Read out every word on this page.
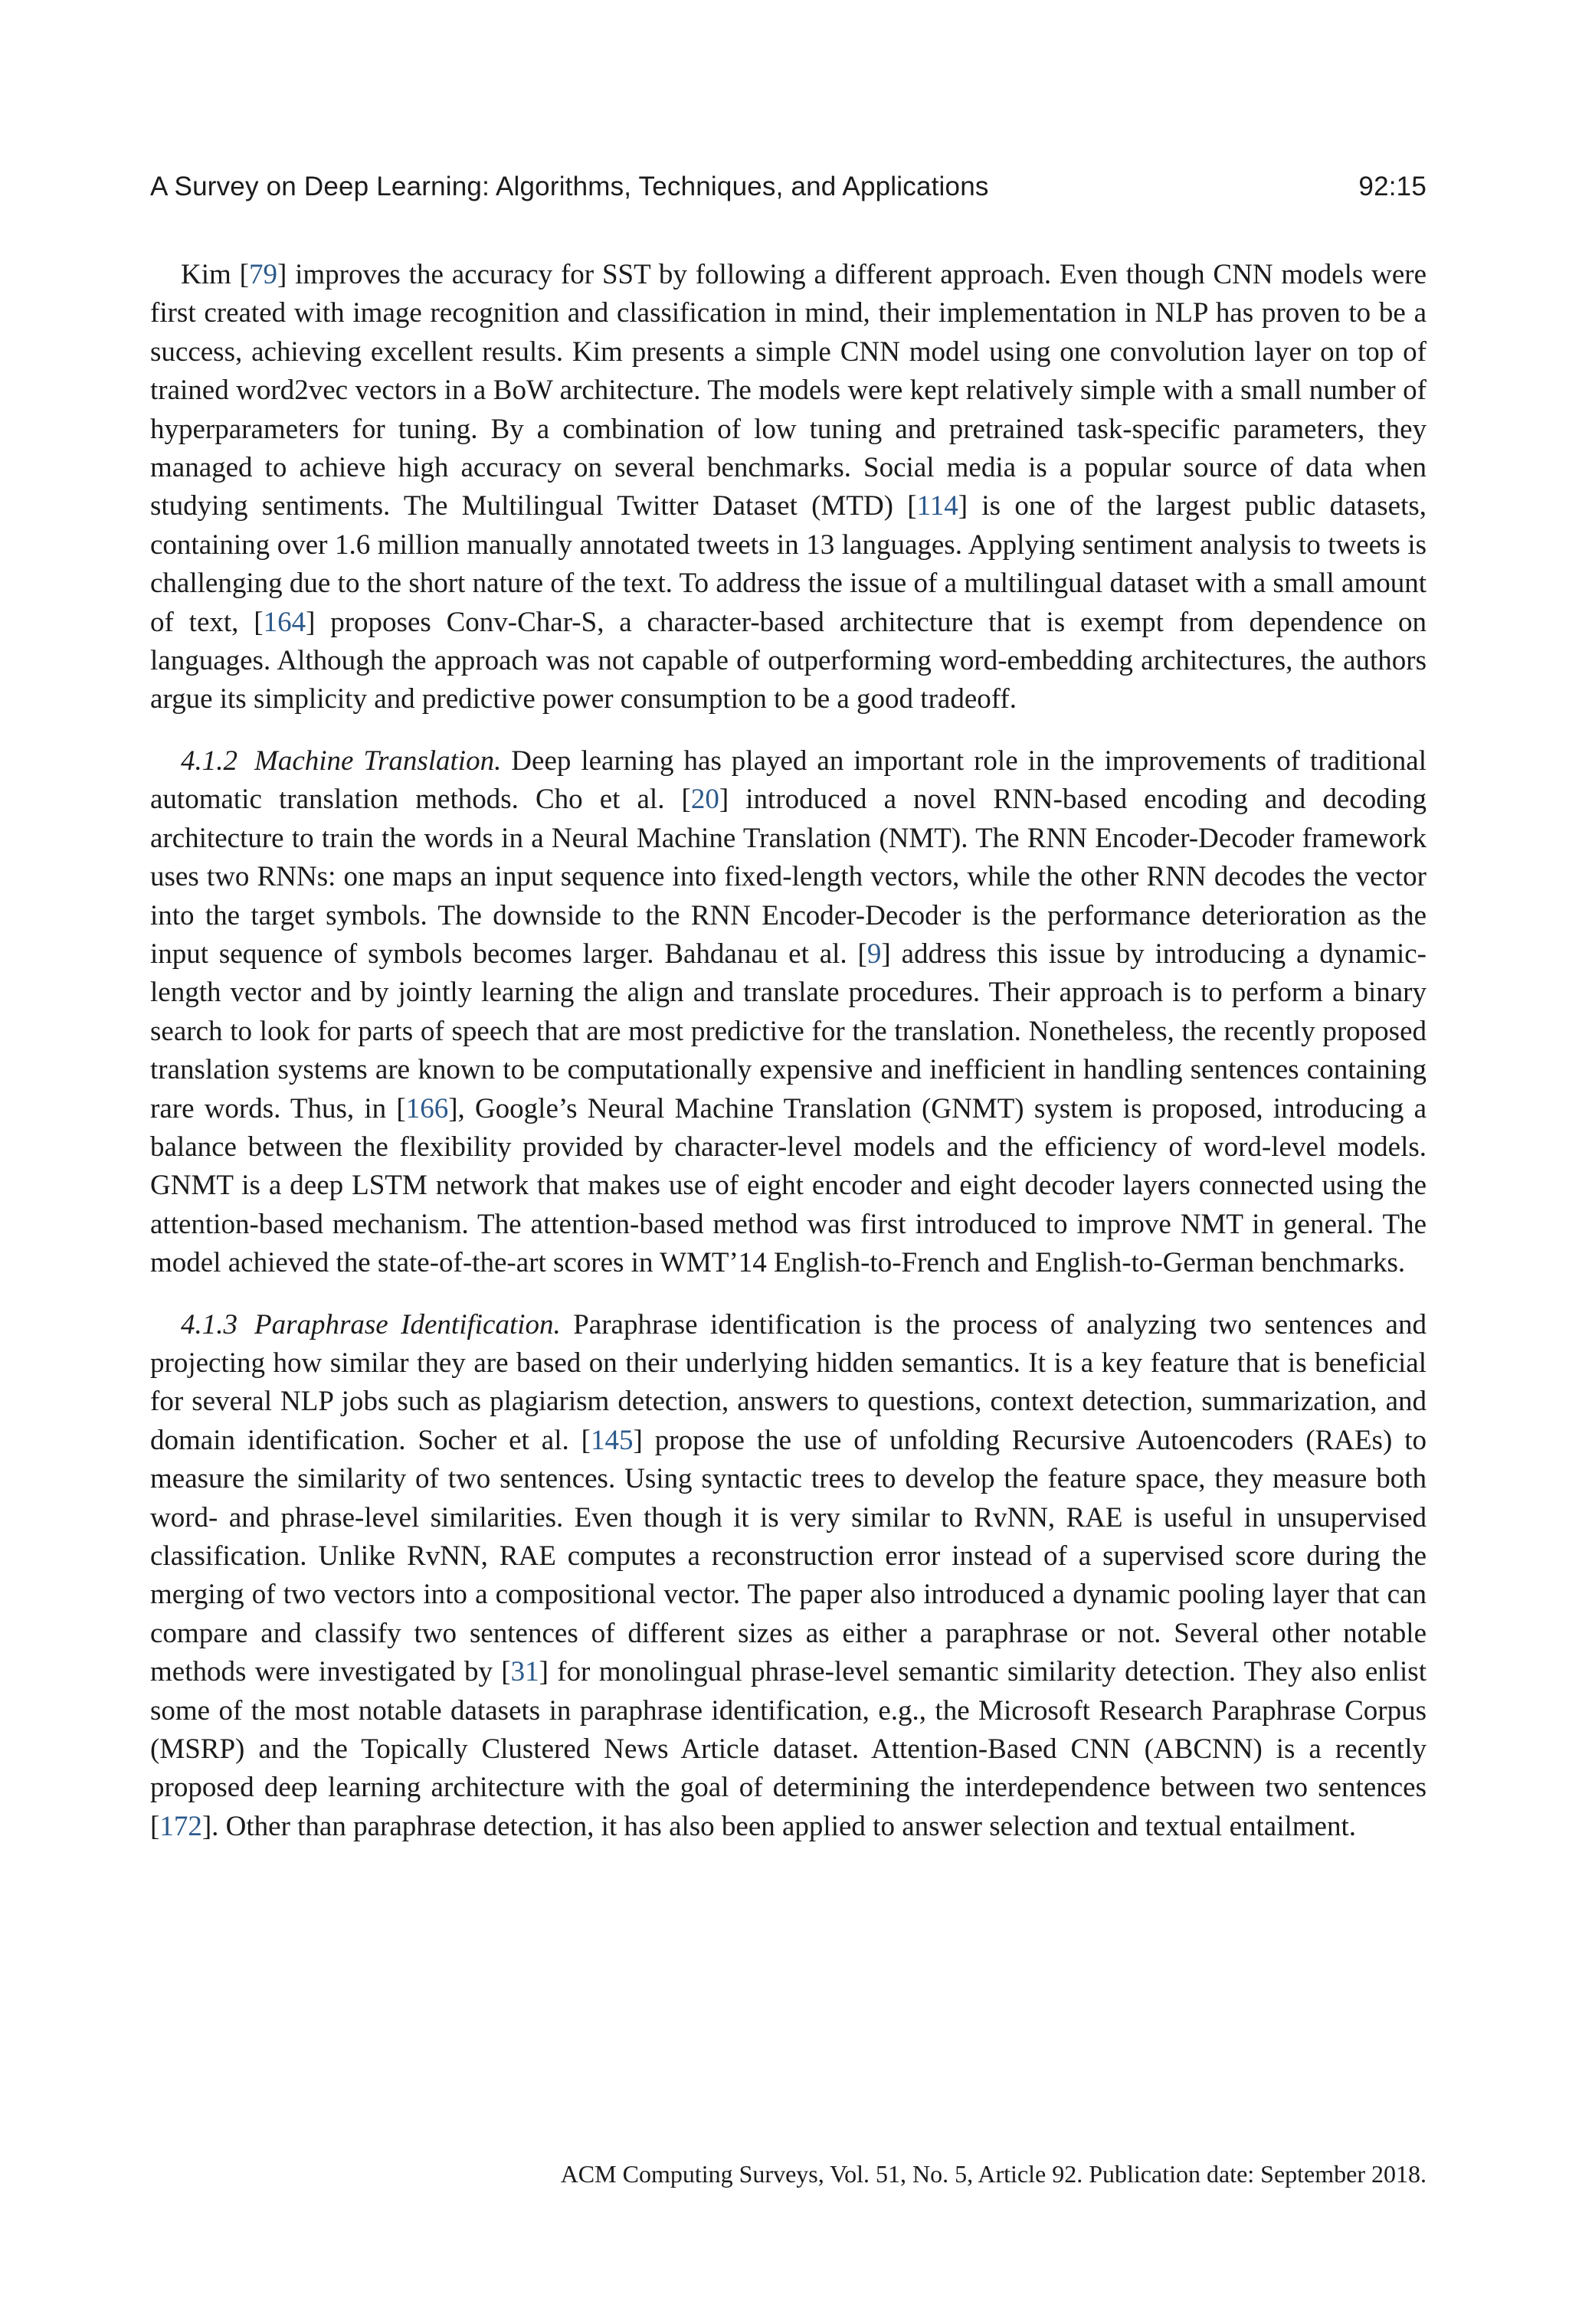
A Survey on Deep Learning: Algorithms, Techniques, and Applications	92:15

Kim [79] improves the accuracy for SST by following a different approach. Even though CNN models were first created with image recognition and classification in mind, their implementation in NLP has proven to be a success, achieving excellent results. Kim presents a simple CNN model using one convolution layer on top of trained word2vec vectors in a BoW architecture. The models were kept relatively simple with a small number of hyperparameters for tuning. By a combination of low tuning and pretrained task-specific parameters, they managed to achieve high accuracy on several benchmarks. Social media is a popular source of data when studying sentiments. The Multilingual Twitter Dataset (MTD) [114] is one of the largest public datasets, containing over 1.6 million manually annotated tweets in 13 languages. Applying sentiment analysis to tweets is challenging due to the short nature of the text. To address the issue of a multilingual dataset with a small amount of text, [164] proposes Conv-Char-S, a character-based architecture that is exempt from dependence on languages. Although the approach was not capable of outperforming word-embedding architectures, the authors argue its simplicity and predictive power consumption to be a good tradeoff.

4.1.2 Machine Translation. Deep learning has played an important role in the improvements of traditional automatic translation methods. Cho et al. [20] introduced a novel RNN-based encoding and decoding architecture to train the words in a Neural Machine Translation (NMT). The RNN Encoder-Decoder framework uses two RNNs: one maps an input sequence into fixed-length vectors, while the other RNN decodes the vector into the target symbols. The downside to the RNN Encoder-Decoder is the performance deterioration as the input sequence of symbols becomes larger. Bahdanau et al. [9] address this issue by introducing a dynamic-length vector and by jointly learning the align and translate procedures. Their approach is to perform a binary search to look for parts of speech that are most predictive for the translation. Nonetheless, the recently proposed translation systems are known to be computationally expensive and inefficient in handling sentences containing rare words. Thus, in [166], Google’s Neural Machine Translation (GNMT) system is proposed, introducing a balance between the flexibility provided by character-level models and the efficiency of word-level models. GNMT is a deep LSTM network that makes use of eight encoder and eight decoder layers connected using the attention-based mechanism. The attention-based method was first introduced to improve NMT in general. The model achieved the state-of-the-art scores in WMT’14 English-to-French and English-to-German benchmarks.

4.1.3 Paraphrase Identification. Paraphrase identification is the process of analyzing two sentences and projecting how similar they are based on their underlying hidden semantics. It is a key feature that is beneficial for several NLP jobs such as plagiarism detection, answers to questions, context detection, summarization, and domain identification. Socher et al. [145] propose the use of unfolding Recursive Autoencoders (RAEs) to measure the similarity of two sentences. Using syntactic trees to develop the feature space, they measure both word- and phrase-level similarities. Even though it is very similar to RvNN, RAE is useful in unsupervised classification. Unlike RvNN, RAE computes a reconstruction error instead of a supervised score during the merging of two vectors into a compositional vector. The paper also introduced a dynamic pooling layer that can compare and classify two sentences of different sizes as either a paraphrase or not. Several other notable methods were investigated by [31] for monolingual phrase-level semantic similarity detection. They also enlist some of the most notable datasets in paraphrase identification, e.g., the Microsoft Research Paraphrase Corpus (MSRP) and the Topically Clustered News Article dataset. Attention-Based CNN (ABCNN) is a recently proposed deep learning architecture with the goal of determining the interdependence between two sentences [172]. Other than paraphrase detection, it has also been applied to answer selection and textual entailment.

ACM Computing Surveys, Vol. 51, No. 5, Article 92. Publication date: September 2018.
